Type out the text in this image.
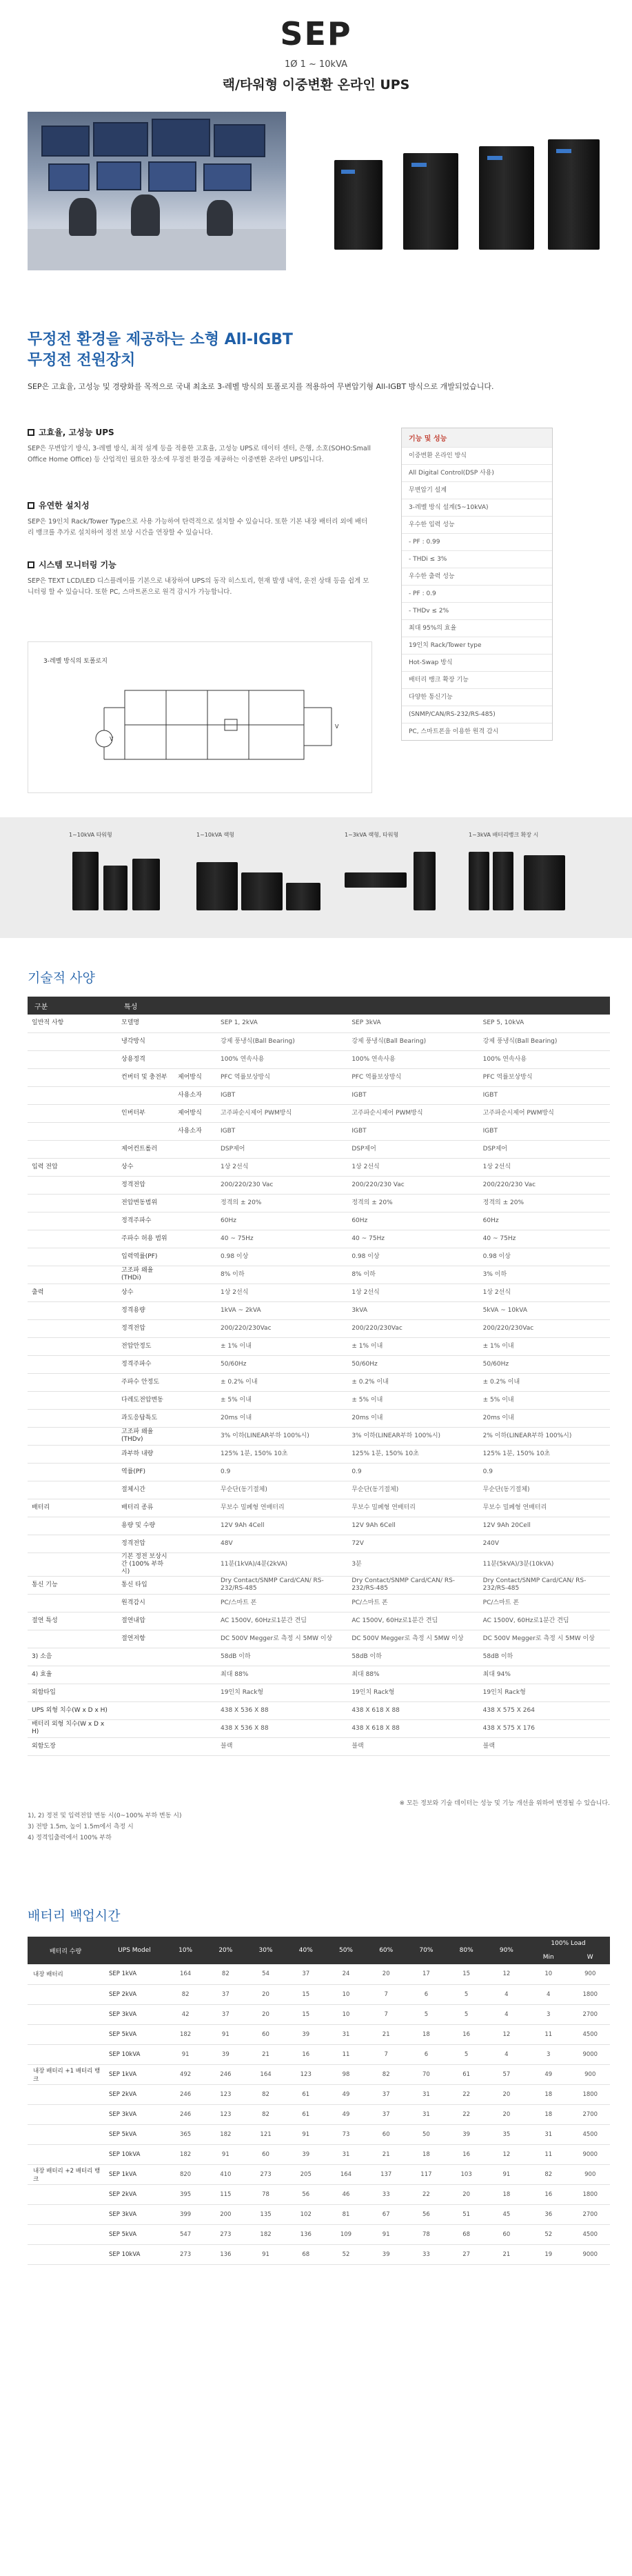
SEP
1Ø 1 ~ 10kVA
랙/타워형 이중변환 온라인 UPS
무정전 환경을 제공하는 소형 All-IGBT
무정전 전원장치
SEP은 고효율, 고성능 및 경량화를 목적으로 국내 최초로 3-레벨 방식의 토폴로지를 적용하여 무변압기형 All-IGBT 방식으로 개발되었습니다.
고효율, 고성능 UPS

SEP은 무변압기 방식, 3-레벨 방식, 최적 설계 등을 적용한 고효율, 고성능 UPS로 데이터 센터, 은행, 소호(SOHO:Small Office Home Office) 등 산업적인 필요한 장소에 무정전 환경을 제공하는 이중변환 온라인 UPS입니다.

유연한 설치성

SEP은 19인치 Rack/Tower Type으로 사용 가능하여 탄력적으로 설치할 수 있습니다. 또한 기본 내장 배터리 외에 배터리 뱅크를 추가로 설치하여 정전 보상 시간을 연장할 수 있습니다.

시스템 모니터링 기능

SEP은 TEXT LCD/LED 디스플레이를 기본으로 내장하여 UPS의 동작 히스토리, 현재 발생 내역, 운전 상태 등을 쉽게 모니터링 할 수 있습니다. 또한 PC, 스마트폰으로 원격 감시가 가능합니다.

기능 및 성능
이중변환 온라인 방식
All Digital Control(DSP 사용)
무변압기 설계
3-레벨 방식 설계(5~10kVA)
우수한 입력 성능
- PF : 0.99
- THDi ≤ 3%
우수한 출력 성능
- PF : 0.9
- THDv ≤ 2%
최대 95%의 효율
19인치 Rack/Tower type
Hot-Swap 방식
배터리 뱅크 확장 기능
다양한 통신기능
(SNMP/CAN/RS-232/RS-485)
PC, 스마트폰을 이용한 원격 감시
3-레벨 방식의 토폴로지
V
V
1~10kVA 타워형	1~10kVA 랙형	1~3kVA 랙형, 타워형	1~3kVA 배터리뱅크 확장 시
기술적 사양
구분	특성				
일반적 사항	모델명		SEP 1, 2kVA	SEP 3kVA	SEP 5, 10kVA
	냉각방식		강제 풍냉식(Ball Bearing)	강제 풍냉식(Ball Bearing)	강제 풍냉식(Ball Bearing)
	상용정격		100% 연속사용	100% 연속사용	100% 연속사용
	컨버터 및 충전부	제어방식	PFC 역률보상방식	PFC 역률보상방식	PFC 역률보상방식
		사용소자	IGBT	IGBT	IGBT
	인버터부	제어방식	고주파순시제어 PWM방식	고주파순시제어 PWM방식	고주파순시제어 PWM방식
		사용소자	IGBT	IGBT	IGBT
	제어컨트롤러		DSP제어	DSP제어	DSP제어
입력 전압	상수		1상 2선식	1상 2선식	1상 2선식
	정격전압		200/220/230 Vac	200/220/230 Vac	200/220/230 Vac
	전압변동범위		정격의 ± 20%	정격의 ± 20%	정격의 ± 20%
	정격주파수		60Hz	60Hz	60Hz
	주파수 허용 범위		40 ~ 75Hz	40 ~ 75Hz	40 ~ 75Hz
	입력역률(PF)		0.98 이상	0.98 이상	0.98 이상
	고조파 왜율(THDi)		8% 이하	8% 이하	3% 이하
출력	상수		1상 2선식	1상 2선식	1상 2선식
	정격용량		1kVA ~ 2kVA	3kVA	5kVA ~ 10kVA
	정격전압		200/220/230Vac	200/220/230Vac	200/220/230Vac
	전압안정도		± 1% 이내	± 1% 이내	± 1% 이내
	정격주파수		50/60Hz	50/60Hz	50/60Hz
	주파수 안정도		± 0.2% 이내	± 0.2% 이내	± 0.2% 이내
	다레도전압변동		± 5% 이내	± 5% 이내	± 5% 이내
	과도응답특도		20ms 이내	20ms 이내	20ms 이내
	고조파 왜율(THDv)		3% 이하(LINEAR부하 100%시)	3% 이하(LINEAR부하 100%시)	2% 이하(LINEAR부하 100%시)
	과부하 내량		125% 1분, 150% 10초	125% 1분, 150% 10초	125% 1분, 150% 10초
	역률(PF)		0.9	0.9	0.9
	절체시간		무순단(동기절체)	무순단(동기절체)	무순단(동기절체)
배터리	배터리 종류		무보수 밀폐형 연배터리	무보수 밀폐형 연배터리	무보수 밀폐형 연배터리
	용량 및 수량		12V 9Ah 4Cell	12V 9Ah 6Cell	12V 9Ah 20Cell
	정격전압		48V	72V	240V
	기본 정전 보상시간 (100% 부하시)		11분(1kVA)/4분(2kVA)	3분	11분(5kVA)/3분(10kVA)
통신 기능	통신 타입		Dry Contact/SNMP Card/CAN/ RS-232/RS-485	Dry Contact/SNMP Card/CAN/ RS-232/RS-485	Dry Contact/SNMP Card/CAN/ RS-232/RS-485
	원격감시		PC/스마트 폰	PC/스마트 폰	PC/스마트 폰
절연 특성	절연내압		AC 1500V, 60Hz로1분간 견딤	AC 1500V, 60Hz로1분간 견딤	AC 1500V, 60Hz로1분간 견딤
	절연저항		DC 500V Megger로 측정 시 5MW 이상	DC 500V Megger로 측정 시 5MW 이상	DC 500V Megger로 측정 시 5MW 이상
3) 소음			58dB 이하	58dB 이하	58dB 이하
4) 효율			최대 88%	최대 88%	최대 94%
외함타입			19인치 Rack형	19인치 Rack형	19인치 Rack형
UPS 외형 치수(W x D x H)			438 X 536 X 88	438 X 618 X 88	438 X 575 X 264
배터리 외형 치수(W x D x H)			438 X 536 X 88	438 X 618 X 88	438 X 575 X 176
외함도장			블랙	블랙	블랙
※ 모든 정보와 기술 데이터는 성능 및 기능 개선을 위하여 변경될 수 있습니다.
1), 2) 정전 및 입력전압 변동 시(0~100% 부하 변동 시)
3) 전방 1.5m, 높이 1.5m에서 측정 시
4) 정격입출력에서 100% 부하
배터리 백업시간
배터리 수량	UPS Model	10%	20%	30%	40%	50%	60%	70%	80%	90%	100% Load	
											Min	W
내장 배터리	SEP 1kVA	164	82	54	37	24	20	17	15	12	10	900
	SEP 2kVA	82	37	20	15	10	7	6	5	4	4	1800
	SEP 3kVA	42	37	20	15	10	7	5	5	4	3	2700
	SEP 5kVA	182	91	60	39	31	21	18	16	12	11	4500
	SEP 10kVA	91	39	21	16	11	7	6	5	4	3	9000
내장 배터리 +1 배터리 뱅크	SEP 1kVA	492	246	164	123	98	82	70	61	57	49	900
	SEP 2kVA	246	123	82	61	49	37	31	22	20	18	1800
	SEP 3kVA	246	123	82	61	49	37	31	22	20	18	2700
	SEP 5kVA	365	182	121	91	73	60	50	39	35	31	4500
	SEP 10kVA	182	91	60	39	31	21	18	16	12	11	9000
내장 배터리 +2 배터리 뱅크	SEP 1kVA	820	410	273	205	164	137	117	103	91	82	900
	SEP 2kVA	395	115	78	56	46	33	22	20	18	16	1800
	SEP 3kVA	399	200	135	102	81	67	56	51	45	36	2700
	SEP 5kVA	547	273	182	136	109	91	78	68	60	52	4500
	SEP 10kVA	273	136	91	68	52	39	33	27	21	19	9000
